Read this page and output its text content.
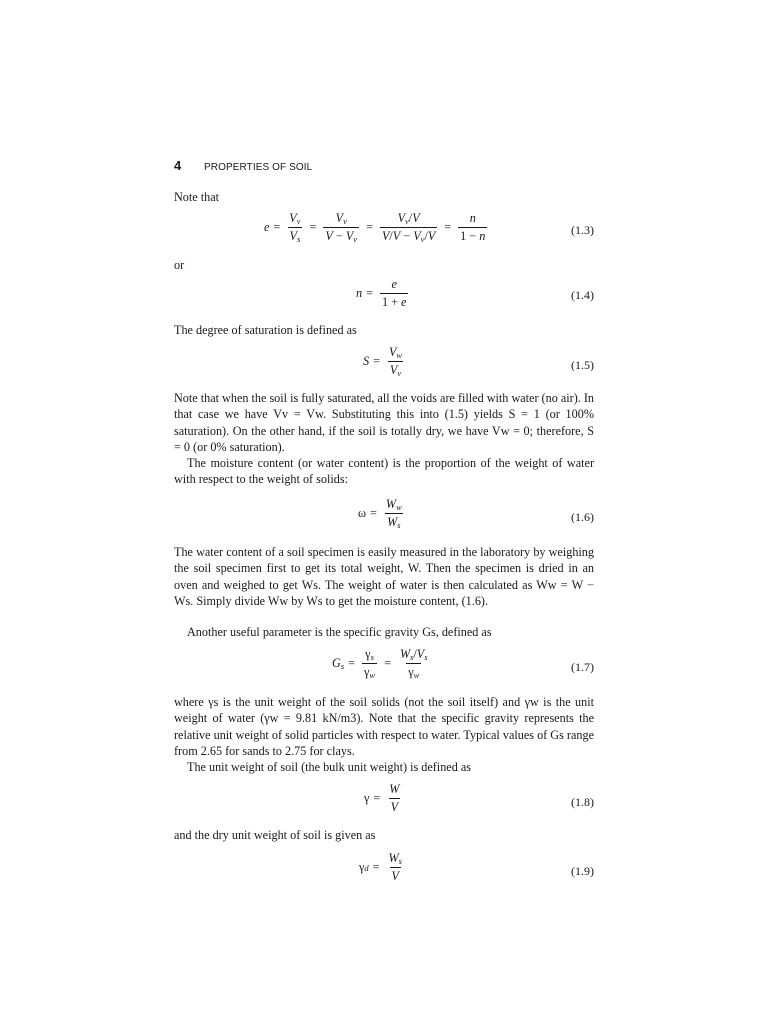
4	PROPERTIES OF SOIL

Note that

$e = \frac{V_v}{V_s} = \frac{V_v}{V - V_v} = \frac{V_v/V}{V/V - V_v/V} = \frac{n}{1 - n}$	(1.3)

or

$n = \frac{e}{1 + e}$	(1.4)

The degree of saturation is defined as

$S = \frac{V_w}{V_v}$	(1.5)

Note that when the soil is fully saturated, all the voids are filled with water (no air). In that case we have Vv = Vw. Substituting this into (1.5) yields S = 1 (or 100% saturation). On the other hand, if the soil is totally dry, we have Vw = 0; therefore, S = 0 (or 0% saturation).

The moisture content (or water content) is the proportion of the weight of water with respect to the weight of solids:

$\omega = \frac{W_w}{W_s}$	(1.6)

The water content of a soil specimen is easily measured in the laboratory by weighing the soil specimen first to get its total weight, W. Then the specimen is dried in an oven and weighed to get Ws. The weight of water is then calculated as Ww = W − Ws. Simply divide Ww by Ws to get the moisture content, (1.6).

Another useful parameter is the specific gravity Gs, defined as

$G_s = \frac{\gamma_s}{\gamma_w} = \frac{W_s/V_s}{\gamma_w}$	(1.7)

where γs is the unit weight of the soil solids (not the soil itself) and γw is the unit weight of water (γw = 9.81 kN/m3). Note that the specific gravity represents the relative unit weight of solid particles with respect to water. Typical values of Gs range from 2.65 for sands to 2.75 for clays.

The unit weight of soil (the bulk unit weight) is defined as

$\gamma = \frac{W}{V}$	(1.8)

and the dry unit weight of soil is given as

γ $d = \frac{W_s}{V}$	(1.9)
